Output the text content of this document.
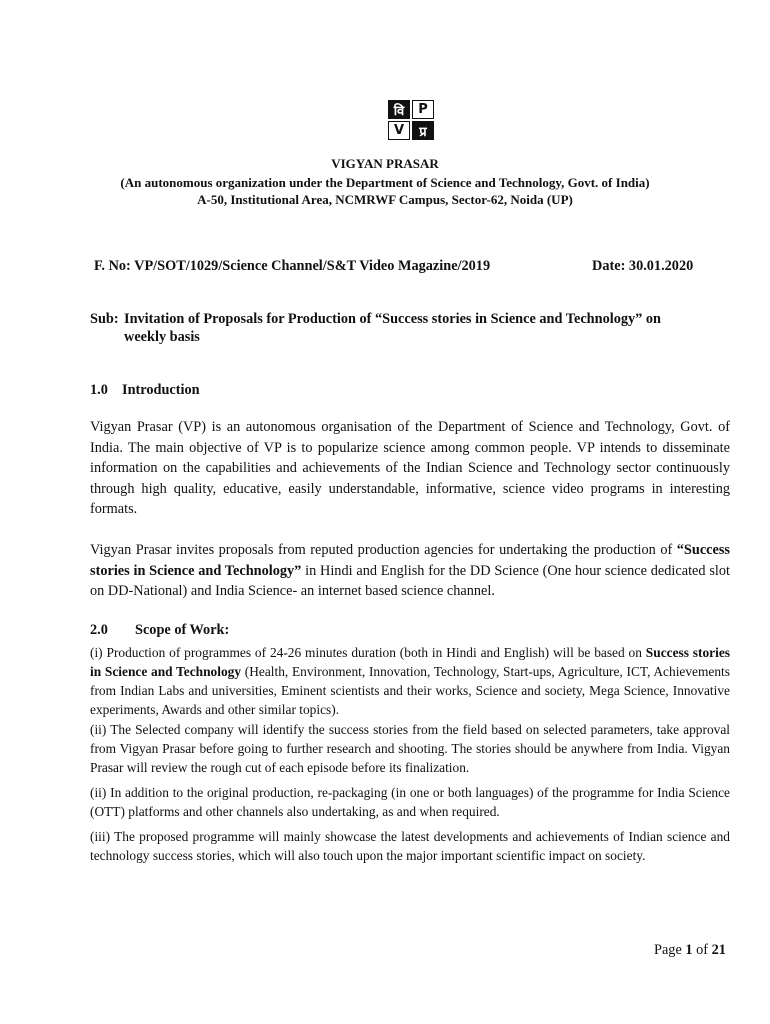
वि	P
V	प्र
VIGYAN PRASAR
(An autonomous organization under the Department of Science and Technology, Govt. of India)
A-50, Institutional Area, NCMRWF Campus, Sector-62, Noida (UP)
F. No: VP/SOT/1029/Science Channel/S&T Video Magazine/2019	Date: 30.01.2020
Sub: Invitation of Proposals for Production of “Success stories in Science and Technology” on
weekly basis
1.0 Introduction
Vigyan Prasar (VP) is an autonomous organisation of the Department of Science and Technology, Govt. of India. The main objective of VP is to popularize science among common people. VP intends to disseminate information on the capabilities and achievements of the Indian Science and Technology sector continuously through high quality, educative, easily understandable, informative, science video programs in interesting formats.
Vigyan Prasar invites proposals from reputed production agencies for undertaking the production of “Success stories in Science and Technology” in Hindi and English for the DD Science (One hour science dedicated slot on DD-National) and India Science- an internet based science channel.
2.0 Scope of Work:
(i) Production of programmes of 24-26 minutes duration (both in Hindi and English) will be based on Success stories in Science and Technology (Health, Environment, Innovation, Technology, Start-ups, Agriculture, ICT, Achievements from Indian Labs and universities, Eminent scientists and their works, Science and society, Mega Science, Innovative experiments, Awards and other similar topics).
(ii) The Selected company will identify the success stories from the field based on selected parameters, take approval from Vigyan Prasar before going to further research and shooting. The stories should be anywhere from India. Vigyan Prasar will review the rough cut of each episode before its finalization.
(ii) In addition to the original production, re-packaging (in one or both languages) of the programme for India Science (OTT) platforms and other channels also undertaking, as and when required.
(iii) The proposed programme will mainly showcase the latest developments and achievements of Indian science and technology success stories, which will also touch upon the major important scientific impact on society.
Page 1 of 21
